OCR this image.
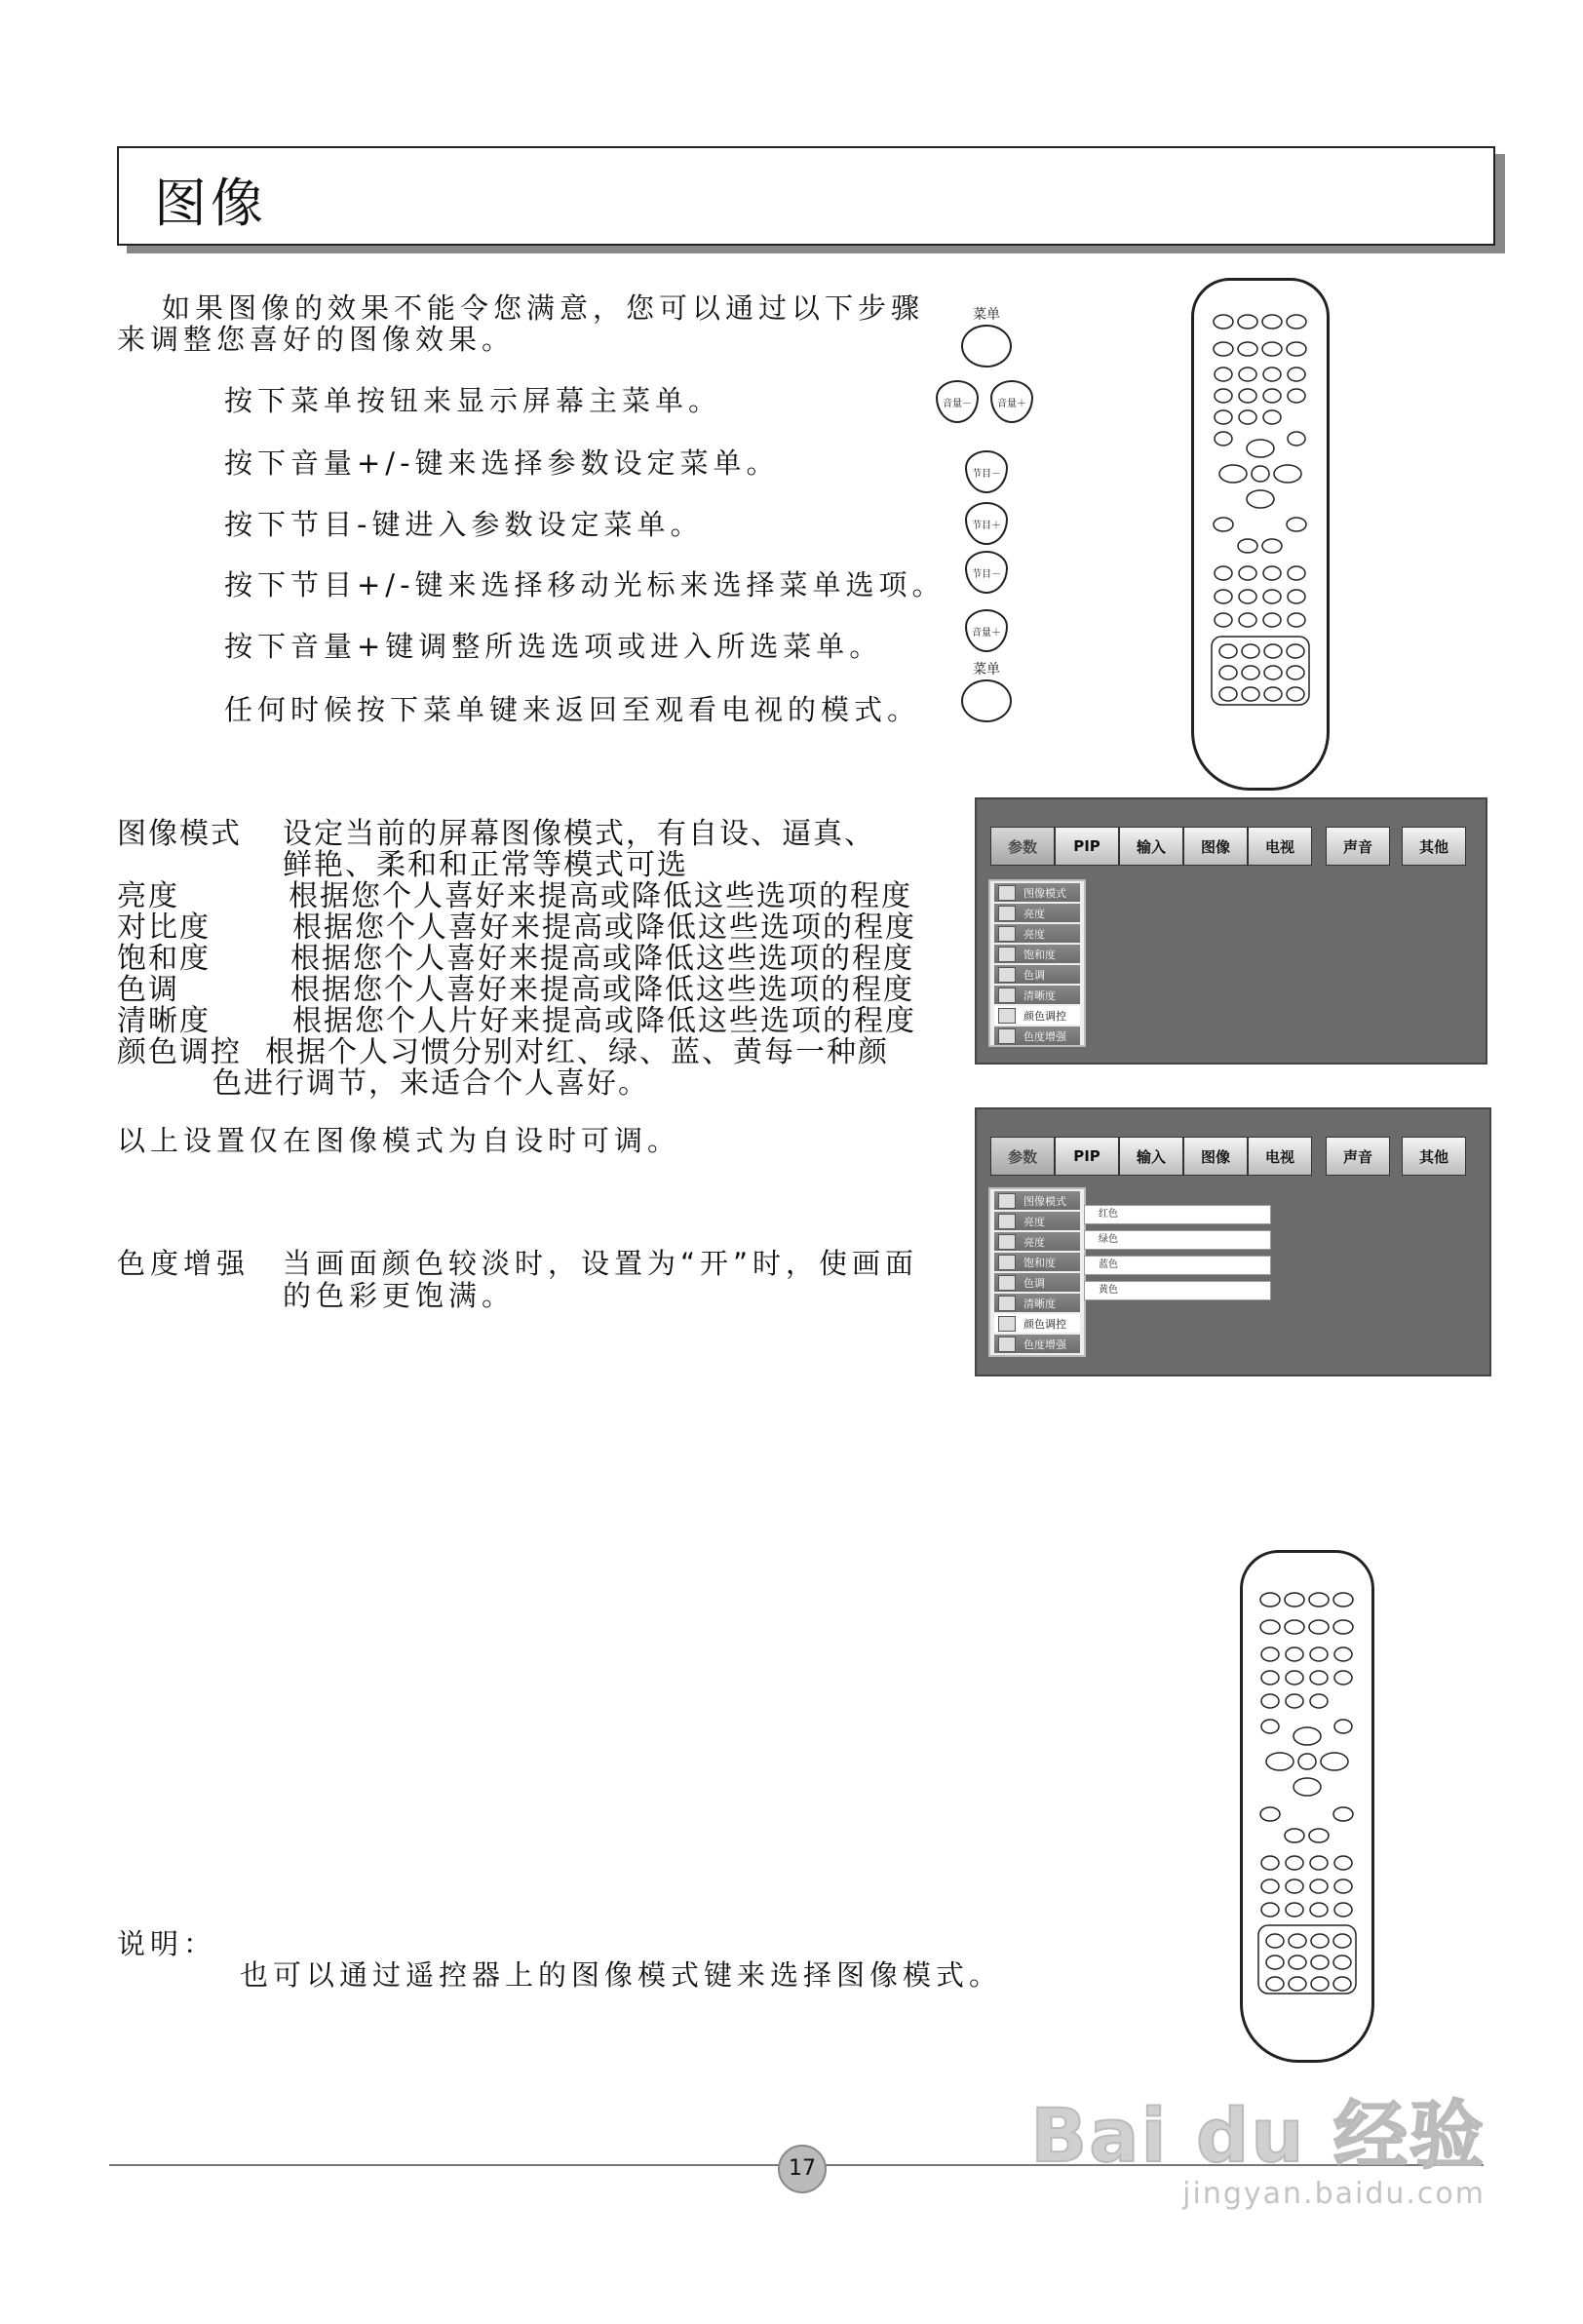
图像
如果图像的效果不能令您满意，您可以通过以下步骤
来调整您喜好的图像效果。
按下菜单按钮来显示屏幕主菜单。
按下音量+/-键来选择参数设定菜单。
按下节目-键进入参数设定菜单。
按下节目+/-键来选择移动光标来选择菜单选项。
按下音量+键调整所选选项或进入所选菜单。
任何时候按下菜单键来返回至观看电视的模式。
菜单
音量－	音量＋
节目－
节目＋
节目－
音量＋
菜单
图像模式 设定当前的屏幕图像模式，有自设、逼真、
鲜艳、柔和和正常等模式可选
亮度	根据您个人喜好来提高或降低这些选项的程度
对比度	根据您个人喜好来提高或降低这些选项的程度
饱和度	根据您个人喜好来提高或降低这些选项的程度
色调	根据您个人喜好来提高或降低这些选项的程度
清晰度	根据您个人片好来提高或降低这些选项的程度
颜色调控 根据个人习惯分别对红、绿、蓝、黄每一种颜
色进行调节，来适合个人喜好。
参数	PIP	输入	图像	电视	声音	其他
图像模式
亮度
亮度
饱和度
色调
清晰度
颜色调控
色度增强
以上设置仅在图像模式为自设时可调。	参数	PIP	输入	图像	电视	声音	其他
图像模式
亮度
亮度
饱和度
色调
清晰度
颜色调控
色度增强
红色
绿色
蓝色
黄色
色度增强 当画面颜色较淡时，设置为“开”时，使画面
的色彩更饱满。
说明：
也可以通过遥控器上的图像模式键来选择图像模式。
17	Bai du 经验
jingyan.baidu.com
